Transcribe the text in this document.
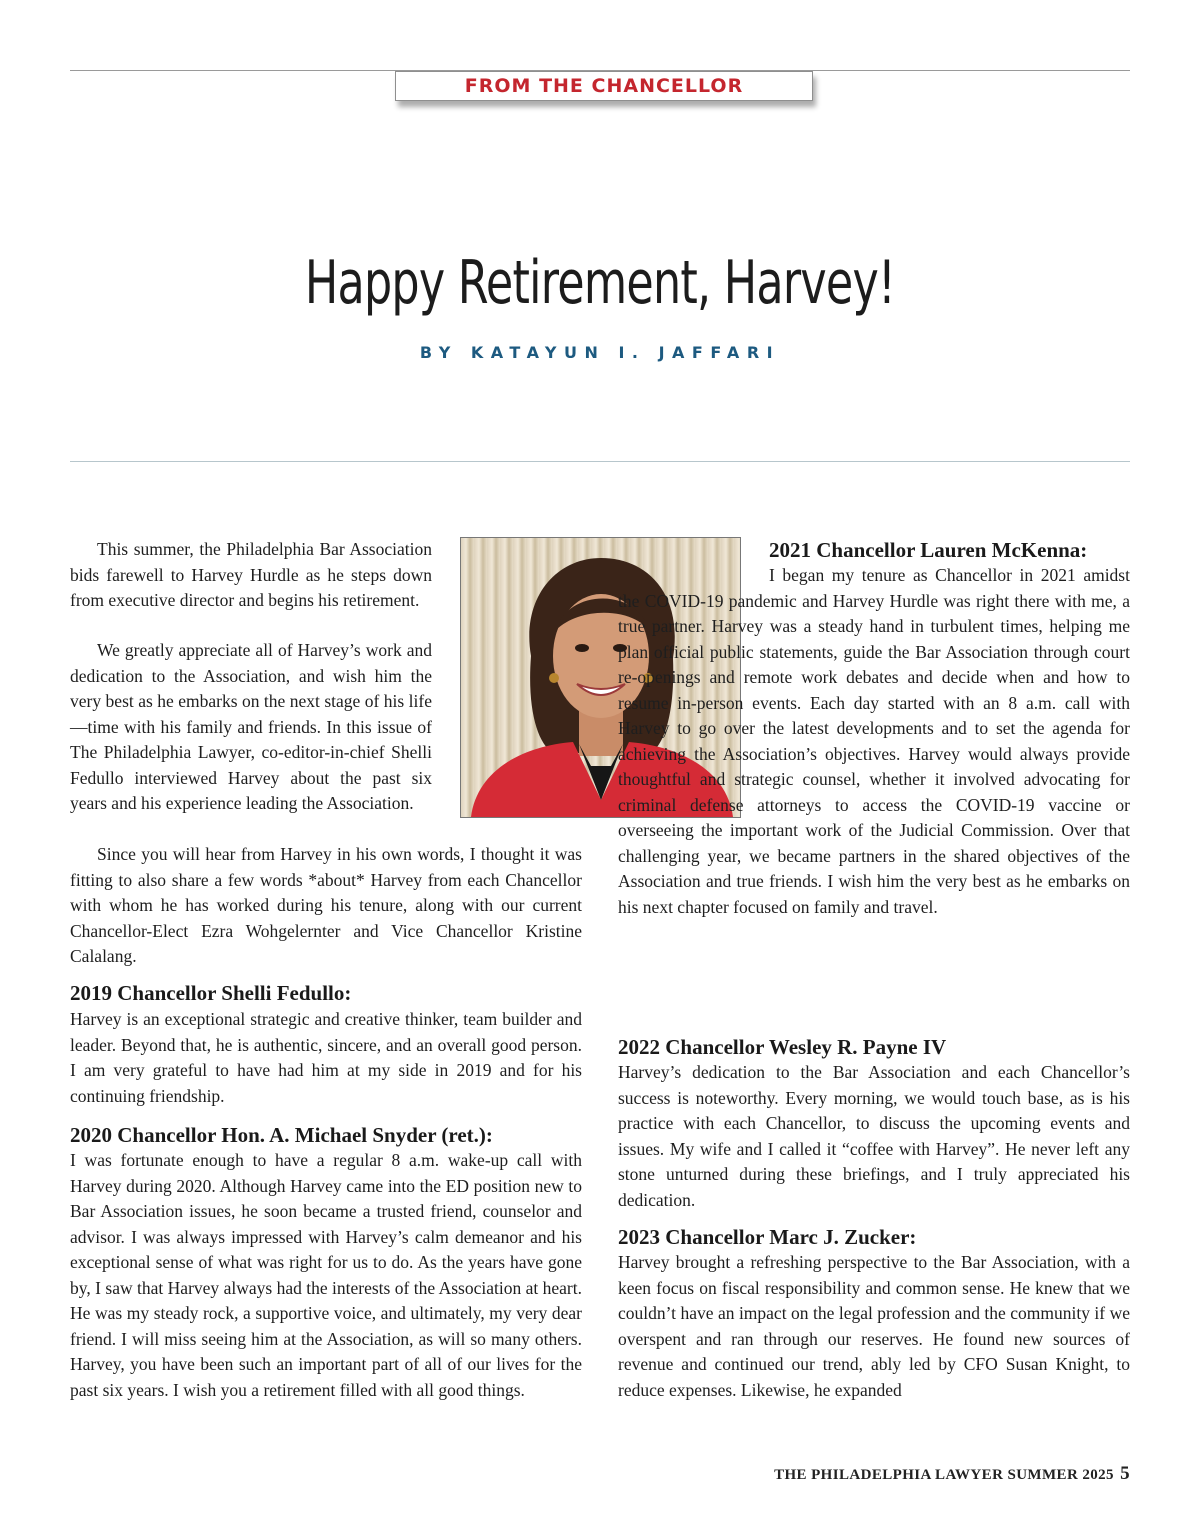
FROM THE CHANCELLOR
Happy Retirement, Harvey!
BY KATAYUN I. JAFFARI

This summer, the Philadelphia Bar Association bids farewell to Harvey Hurdle as he steps down from executive director and begins his retirement.

We greatly appreciate all of Harvey’s work and dedication to the Association, and wish him the very best as he embarks on the next stage of his life—time with his family and friends. In this issue of The Philadelphia Lawyer, co-editor-in-chief Shelli Fedullo interviewed Harvey about the past six years and his experience leading the Association.

Since you will hear from Harvey in his own words, I thought it was fitting to also share a few words *about* Harvey from each Chancellor with whom he has worked during his tenure, along with our current Chancellor-Elect Ezra Wohgelernter and Vice Chancellor Kristine Calalang.

2019 Chancellor Shelli Fedullo:

Harvey is an exceptional strategic and creative thinker, team builder and leader. Beyond that, he is authentic, sincere, and an overall good person. I am very grateful to have had him at my side in 2019 and for his continuing friendship.

2020 Chancellor Hon. A. Michael Snyder (ret.):

I was fortunate enough to have a regular 8 a.m. wake-up call with Harvey during 2020. Although Harvey came into the ED position new to Bar Association issues, he soon became a trusted friend, counselor and advisor. I was always impressed with Harvey’s calm demeanor and his exceptional sense of what was right for us to do. As the years have gone by, I saw that Harvey always had the interests of the Association at heart. He was my steady rock, a supportive voice, and ultimately, my very dear friend. I will miss seeing him at the Association, as will so many others. Harvey, you have been such an important part of all of our lives for the past six years. I wish you a retirement filled with all good things.

2021 Chancellor Lauren McKenna:

I began my tenure as Chancellor in 2021 amidst the COVID-19 pandemic and Harvey Hurdle was right there with me, a true partner. Harvey was a steady hand in turbulent times, helping me plan official public statements, guide the Bar Association through court re-openings and remote work debates and decide when and how to resume in-person events. Each day started with an 8 a.m. call with Harvey to go over the latest developments and to set the agenda for achieving the Association’s objectives. Harvey would always provide thoughtful and strategic counsel, whether it involved advocating for criminal defense attorneys to access the COVID-19 vaccine or overseeing the important work of the Judicial Commission. Over that challenging year, we became partners in the shared objectives of the Association and true friends. I wish him the very best as he embarks on his next chapter focused on family and travel.

2022 Chancellor Wesley R. Payne IV

Harvey’s dedication to the Bar Association and each Chancellor’s success is noteworthy. Every morning, we would touch base, as is his practice with each Chancellor, to discuss the upcoming events and issues. My wife and I called it “coffee with Harvey”. He never left any stone unturned during these briefings, and I truly appreciated his dedication.

2023 Chancellor Marc J. Zucker:

Harvey brought a refreshing perspective to the Bar Association, with a keen focus on fiscal responsibility and common sense. He knew that we couldn’t have an impact on the legal profession and the community if we overspent and ran through our reserves. He found new sources of revenue and continued our trend, ably led by CFO Susan Knight, to reduce expenses. Likewise, he expanded

THE PHILADELPHIA LAWYER SUMMER 2025 5
